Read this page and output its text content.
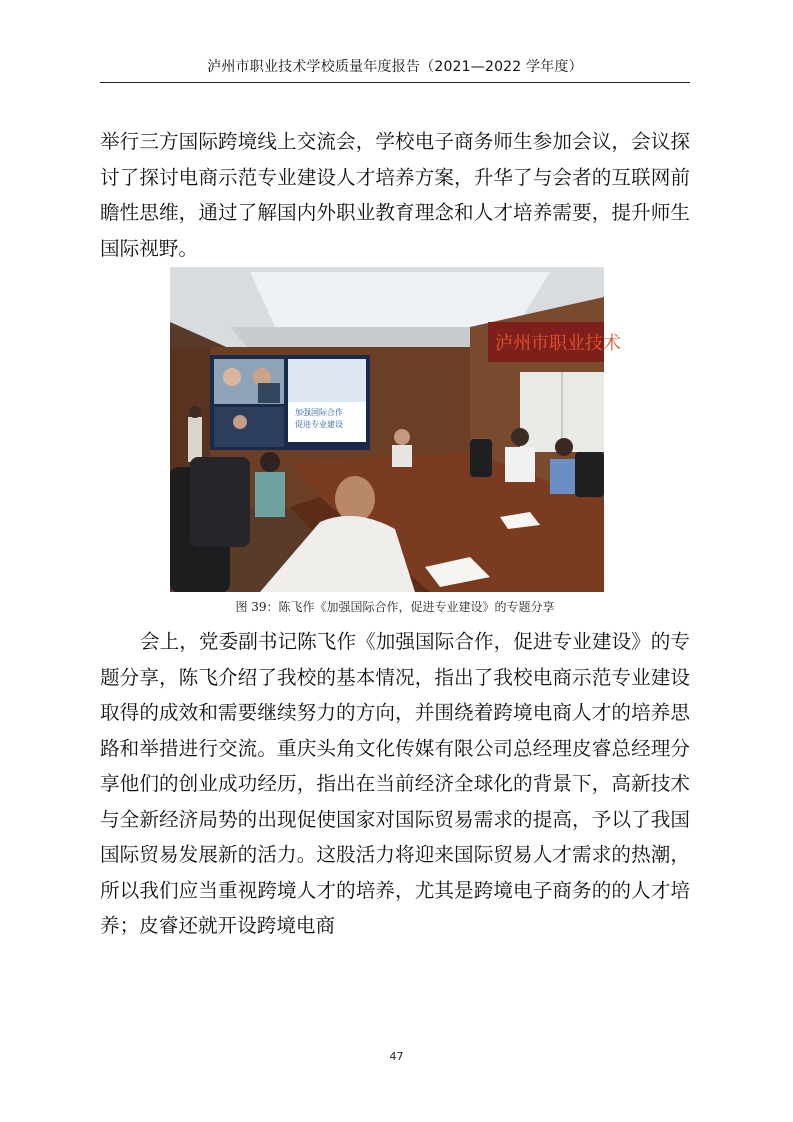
泸州市职业技术学校质量年度报告（2021—2022 学年度）

举行三方国际跨境线上交流会，学校电子商务师生参加会议，会议探讨了探讨电商示范专业建设人才培养方案，升华了与会者的互联网前瞻性思维，通过了解国内外职业教育理念和人才培养需要，提升师生国际视野。

泸州市职业技术
加强国际合作
促进专业建设
图 39：陈飞作《加强国际合作，促进专业建设》的专题分享

会上，党委副书记陈飞作《加强国际合作，促进专业建设》的专题分享，陈飞介绍了我校的基本情况，指出了我校电商示范专业建设取得的成效和需要继续努力的方向，并围绕着跨境电商人才的培养思路和举措进行交流。重庆头角文化传媒有限公司总经理皮睿总经理分享他们的创业成功经历，指出在当前经济全球化的背景下，高新技术与全新经济局势的出现促使国家对国际贸易需求的提高，予以了我国国际贸易发展新的活力。这股活力将迎来国际贸易人才需求的热潮，所以我们应当重视跨境人才的培养，尤其是跨境电子商务的的人才培养；皮睿还就开设跨境电商

47
